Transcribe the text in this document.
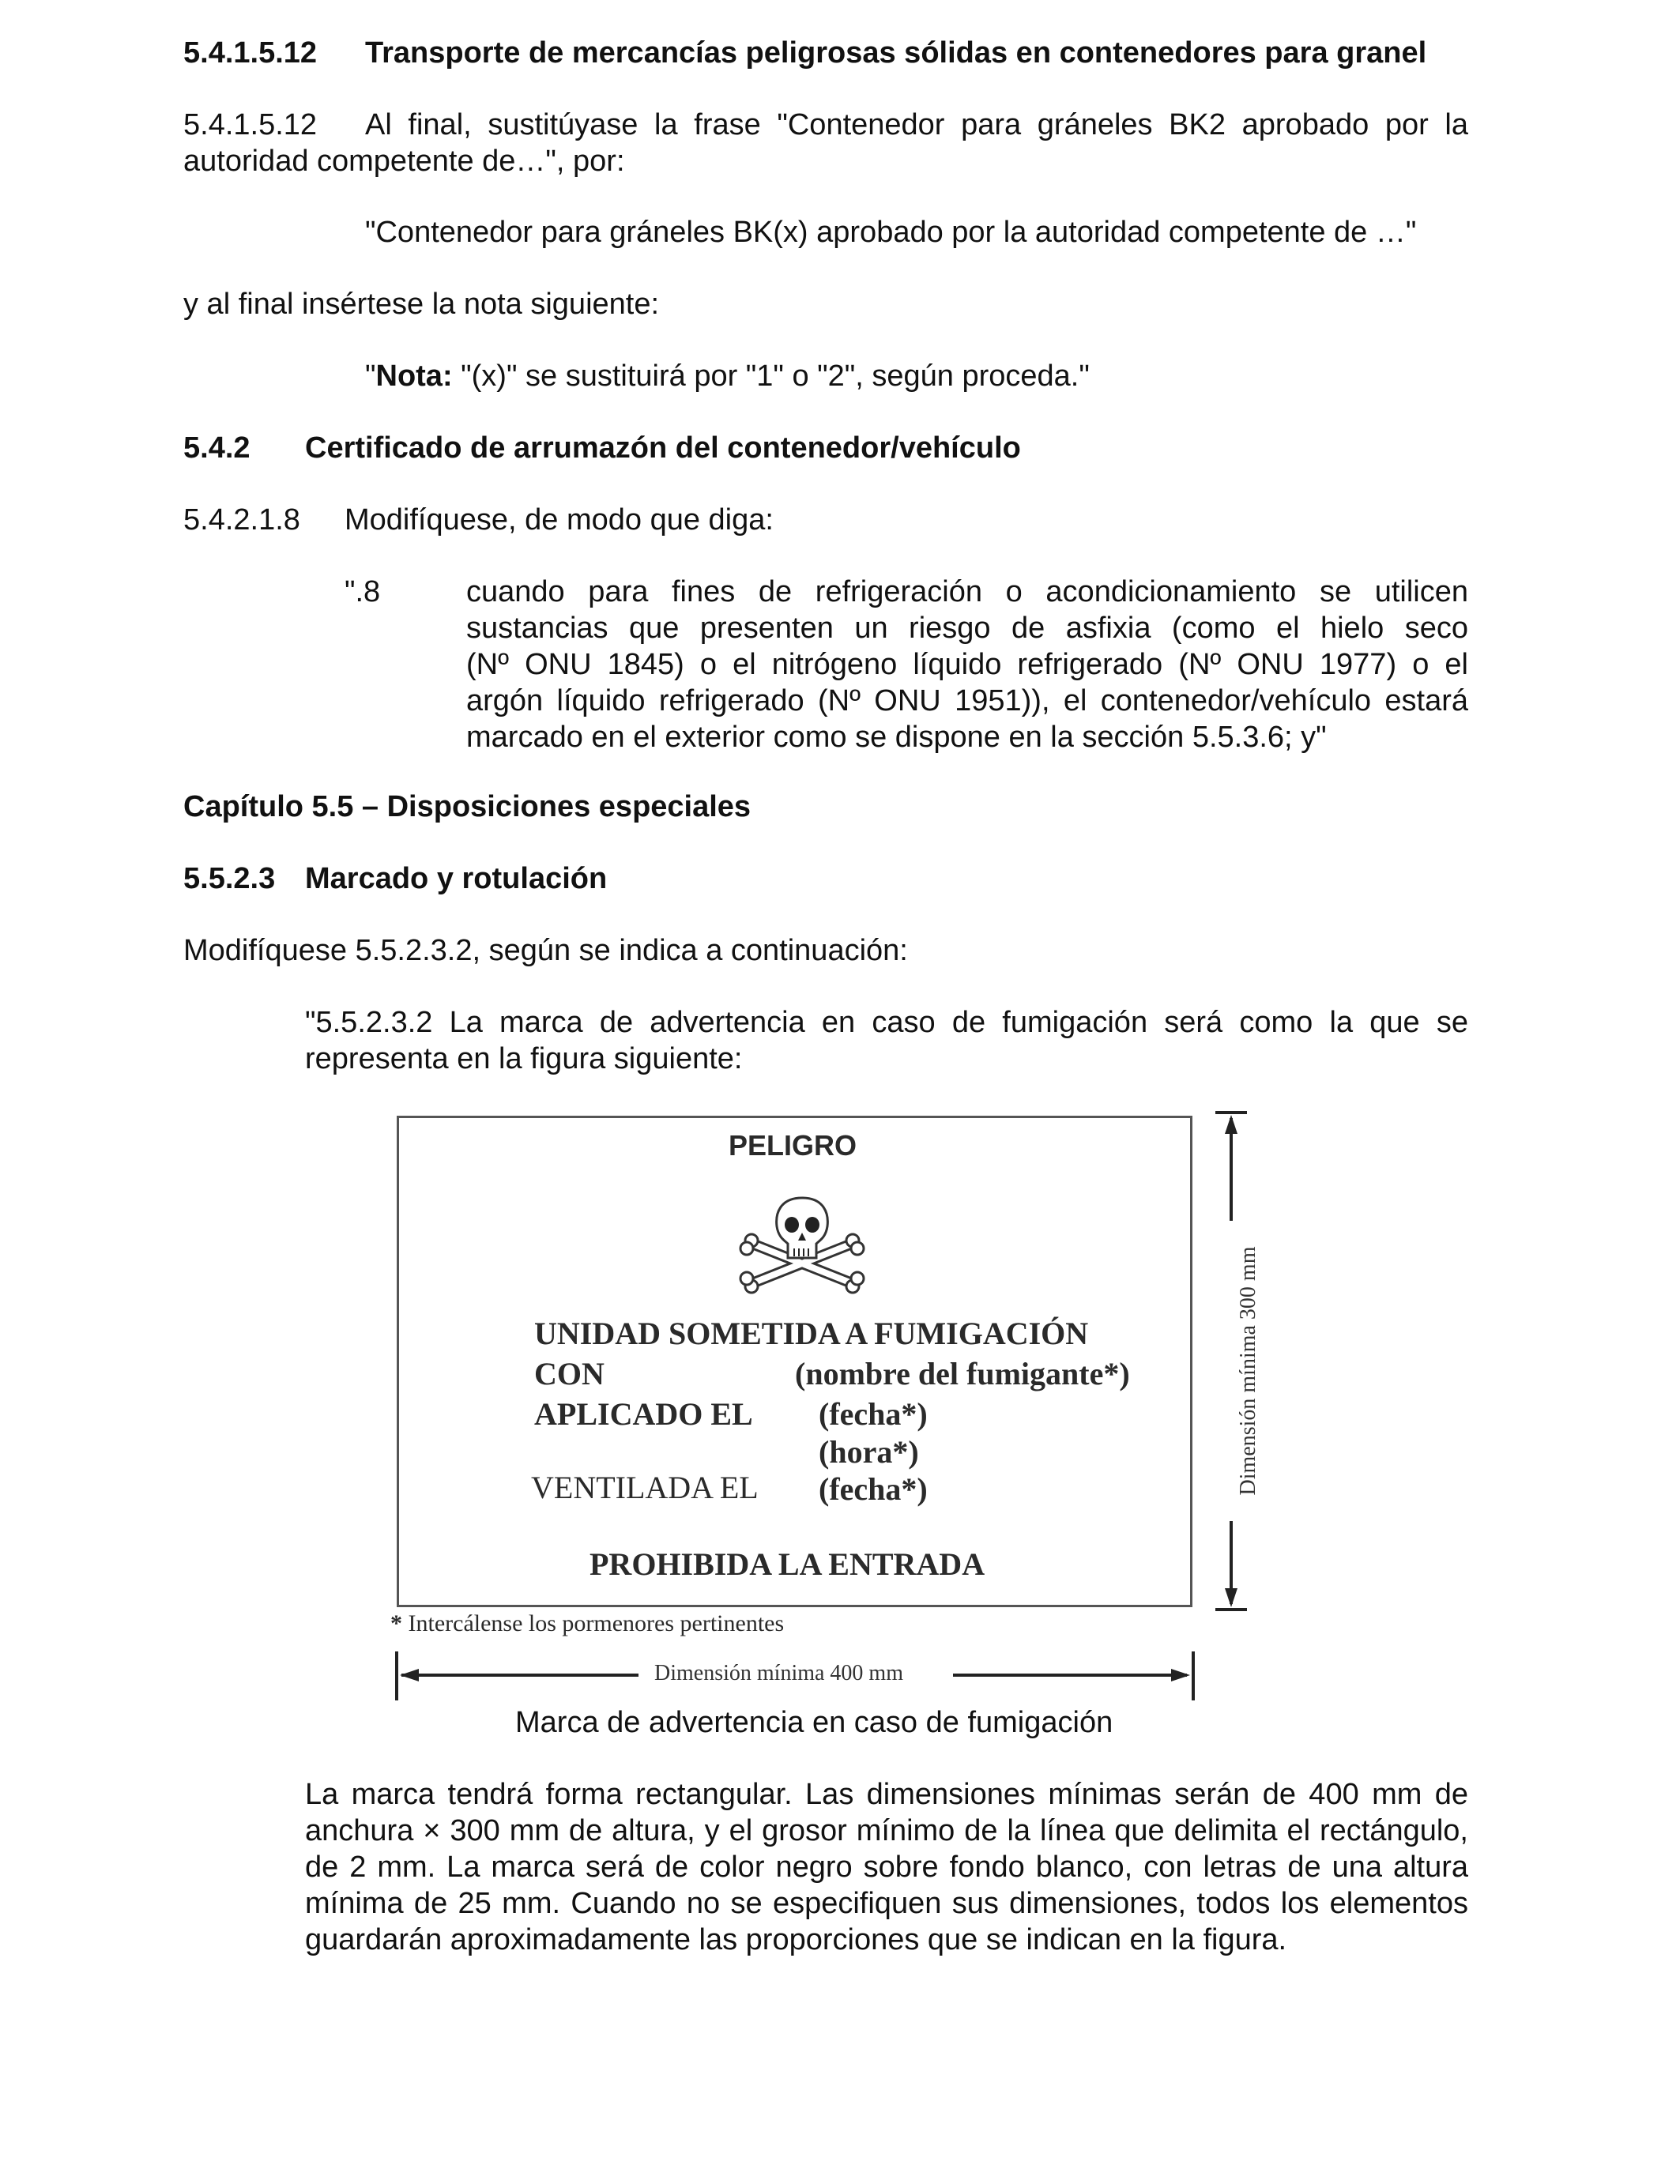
5.4.1.5.12 Transporte de mercancías peligrosas sólidas en contenedores para granel
5.4.1.5.12 Al final, sustitúyase la frase "Contenedor para gráneles BK2 aprobado por la
autoridad competente de…", por:
"Contenedor para gráneles BK(x) aprobado por la autoridad competente de …"
y al final insértese la nota siguiente:
"Nota: "(x)" se sustituirá por "1" o "2", según proceda."
5.4.2 Certificado de arrumazón del contenedor/vehículo
5.4.2.1.8 Modifíquese, de modo que diga:
".8	cuando para fines de refrigeración o acondicionamiento se utilicen
sustancias que presenten un riesgo de asfixia (como el hielo seco
(Nº ONU 1845) o el nitrógeno líquido refrigerado (Nº ONU 1977) o el
argón líquido refrigerado (Nº ONU 1951)), el contenedor/vehículo estará
marcado en el exterior como se dispone en la sección 5.5.3.6; y"
Capítulo 5.5 – Disposiciones especiales
5.5.2.3 Marcado y rotulación
Modifíquese 5.5.2.3.2, según se indica a continuación:
"5.5.2.3.2 La marca de advertencia en caso de fumigación será como la que se
representa en la figura siguiente:
PELIGRO
UNIDAD SOMETIDA A FUMIGACIÓN
CON	(nombre del fumigante*)
APLICADO EL (fecha*)
(hora*)
VENTILADA EL (fecha*)
PROHIBIDA LA ENTRADA
Dimensión mínima 300 mm
* Intercálense los pormenores pertinentes
Dimensión mínima 400 mm
Marca de advertencia en caso de fumigación
La marca tendrá forma rectangular. Las dimensiones mínimas serán de 400 mm de
anchura × 300 mm de altura, y el grosor mínimo de la línea que delimita el rectángulo,
de 2 mm. La marca será de color negro sobre fondo blanco, con letras de una altura
mínima de 25 mm. Cuando no se especifiquen sus dimensiones, todos los elementos
guardarán aproximadamente las proporciones que se indican en la figura.
